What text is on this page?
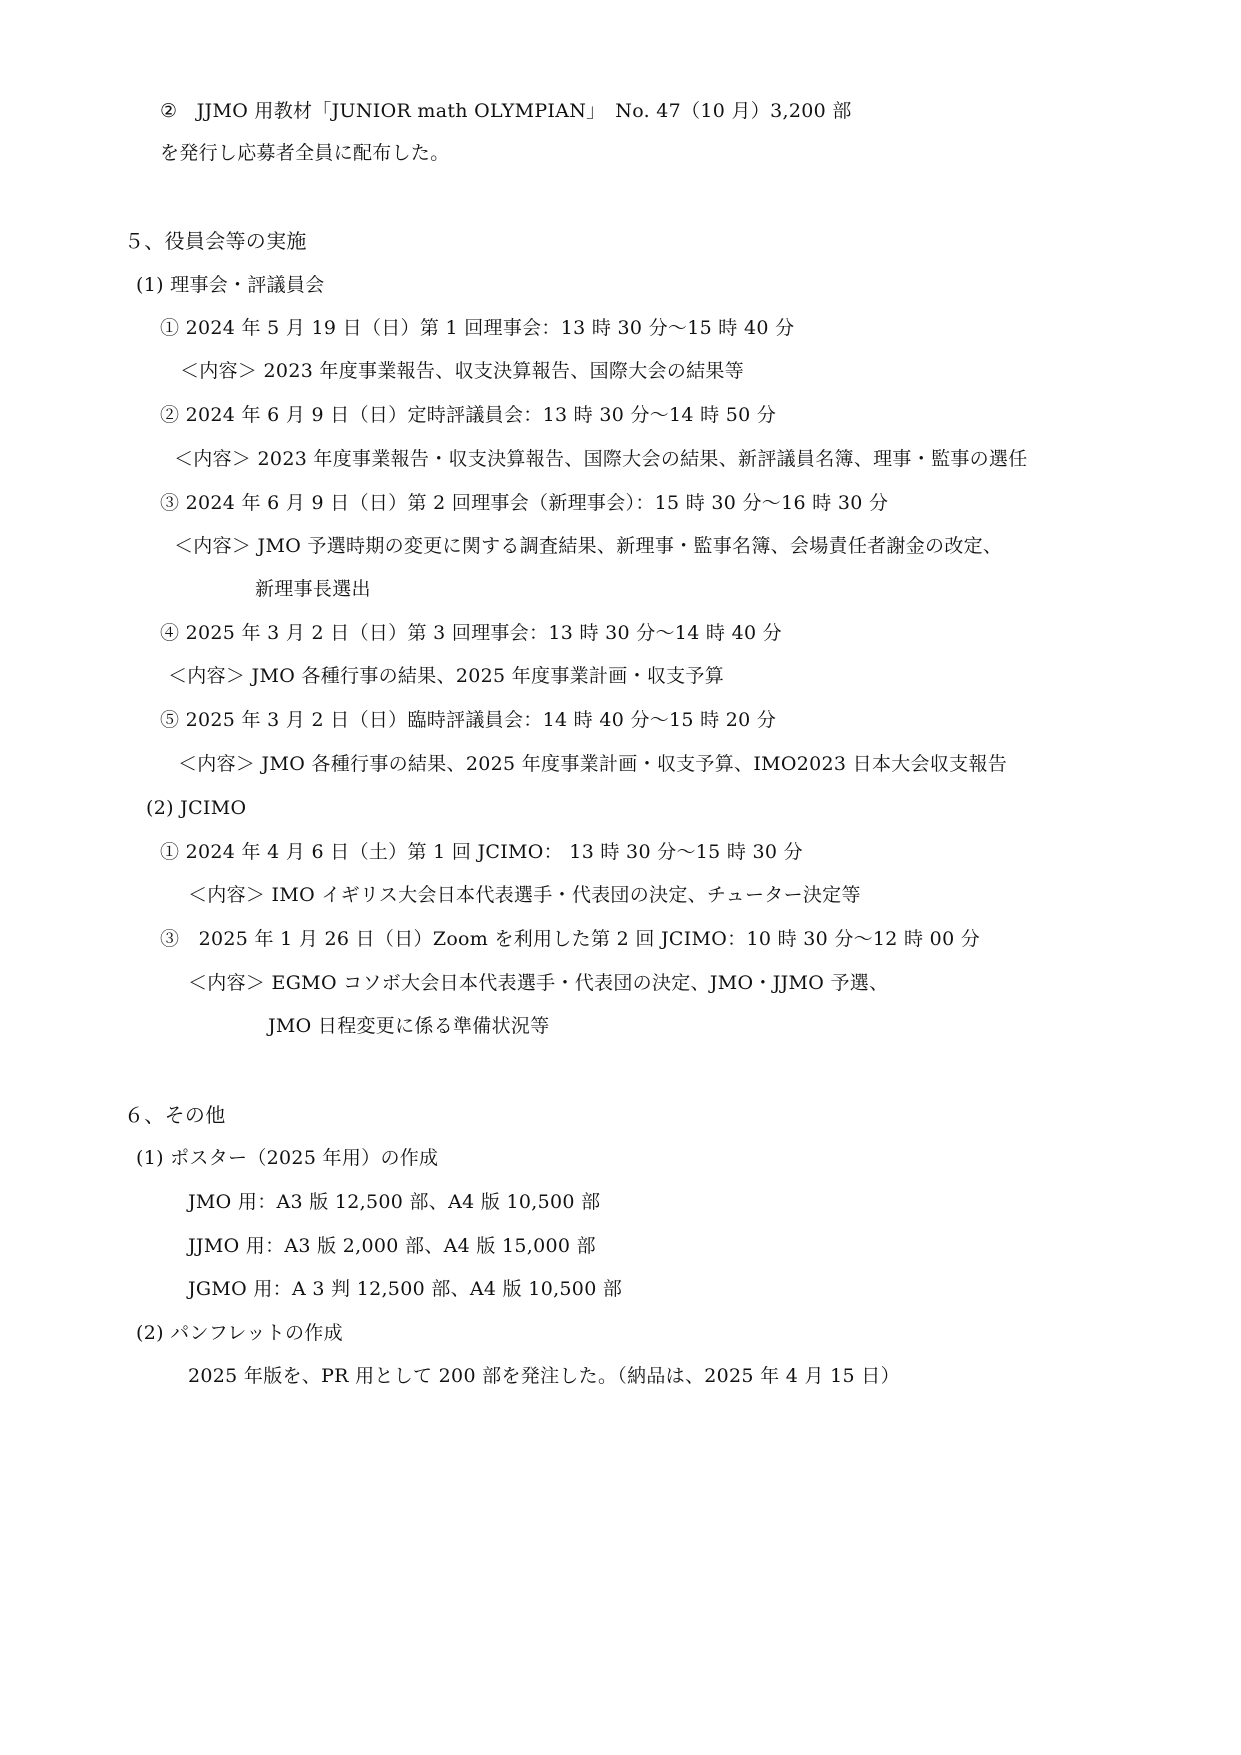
②　JJMO 用教材「JUNIOR math OLYMPIAN」　No. 47（10 月）3,200 部
を発行し応募者全員に配布した。
５、役員会等の実施
(1) 理事会・評議員会
① 2024 年 5 月 19 日（日）第 1 回理事会：13 時 30 分～15 時 40 分
＜内容＞ 2023 年度事業報告、収支決算報告、国際大会の結果等
② 2024 年 6 月 9 日（日）定時評議員会：13 時 30 分～14 時 50 分
＜内容＞ 2023 年度事業報告・収支決算報告、国際大会の結果、新評議員名簿、理事・監事の選任
③ 2024 年 6 月 9 日（日）第 2 回理事会（新理事会）：15 時 30 分～16 時 30 分
＜内容＞ JMO 予選時期の変更に関する調査結果、新理事・監事名簿、会場責任者謝金の改定、
新理事長選出
④ 2025 年 3 月 2 日（日）第 3 回理事会：13 時 30 分～14 時 40 分
＜内容＞ JMO 各種行事の結果、2025 年度事業計画・収支予算
⑤ 2025 年 3 月 2 日（日）臨時評議員会：14 時 40 分～15 時 20 分
＜内容＞ JMO 各種行事の結果、2025 年度事業計画・収支予算、IMO2023 日本大会収支報告
(2) JCIMO
① 2024 年 4 月 6 日（土）第 1 回 JCIMO： 13 時 30 分～15 時 30 分
＜内容＞ IMO イギリス大会日本代表選手・代表団の決定、チューター決定等
③　2025 年 1 月 26 日（日）Zoom を利用した第 2 回 JCIMO：10 時 30 分～12 時 00 分
＜内容＞ EGMO コソボ大会日本代表選手・代表団の決定、JMO・JJMO 予選、
JMO 日程変更に係る準備状況等
６、その他
(1) ポスター（2025 年用）の作成
JMO 用：A3 版 12,500 部、A4 版 10,500 部
JJMO 用：A3 版 2,000 部、A4 版 15,000 部
JGMO 用：A 3 判 12,500 部、A4 版 10,500 部
(2) パンフレットの作成
2025 年版を、PR 用として 200 部を発注した。（納品は、2025 年 4 月 15 日）
